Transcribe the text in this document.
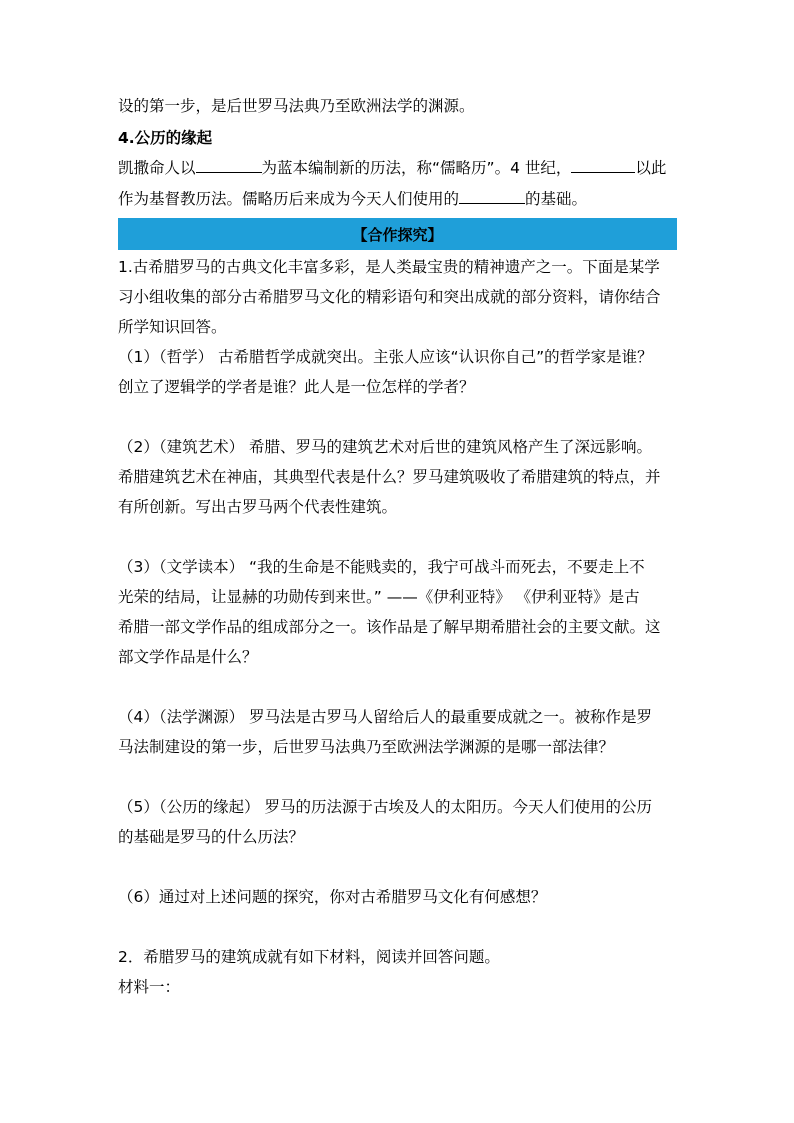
设的第一步，是后世罗马法典乃至欧洲法学的渊源。
4.公历的缘起
凯撒命人以	为蓝本编制新的历法，称“儒略历”。4 世纪，	以此
作为基督教历法。儒略历后来成为今天人们使用的	的基础。
【合作探究】
1.古希腊罗马的古典文化丰富多彩，是人类最宝贵的精神遗产之一。下面是某学
习小组收集的部分古希腊罗马文化的精彩语句和突出成就的部分资料，请你结合
所学知识回答。
（1）（哲学） 古希腊哲学成就突出。主张人应该“认识你自己”的哲学家是谁？
创立了逻辑学的学者是谁？此人是一位怎样的学者？
（2）（建筑艺术） 希腊、罗马的建筑艺术对后世的建筑风格产生了深远影响。
希腊建筑艺术在神庙，其典型代表是什么？罗马建筑吸收了希腊建筑的特点，并
有所创新。写出古罗马两个代表性建筑。
（3）（文学读本） “我的生命是不能贱卖的，我宁可战斗而死去，不要走上不
光荣的结局，让显赫的功勋传到来世。” ——《伊利亚特》 《伊利亚特》是古
希腊一部文学作品的组成部分之一。该作品是了解早期希腊社会的主要文献。这
部文学作品是什么？
（4）（法学渊源） 罗马法是古罗马人留给后人的最重要成就之一。被称作是罗
马法制建设的第一步，后世罗马法典乃至欧洲法学渊源的是哪一部法律？
（5）（公历的缘起） 罗马的历法源于古埃及人的太阳历。今天人们使用的公历
的基础是罗马的什么历法？
（6）通过对上述问题的探究，你对古希腊罗马文化有何感想？
2．希腊罗马的建筑成就有如下材料，阅读并回答问题。
材料一：
